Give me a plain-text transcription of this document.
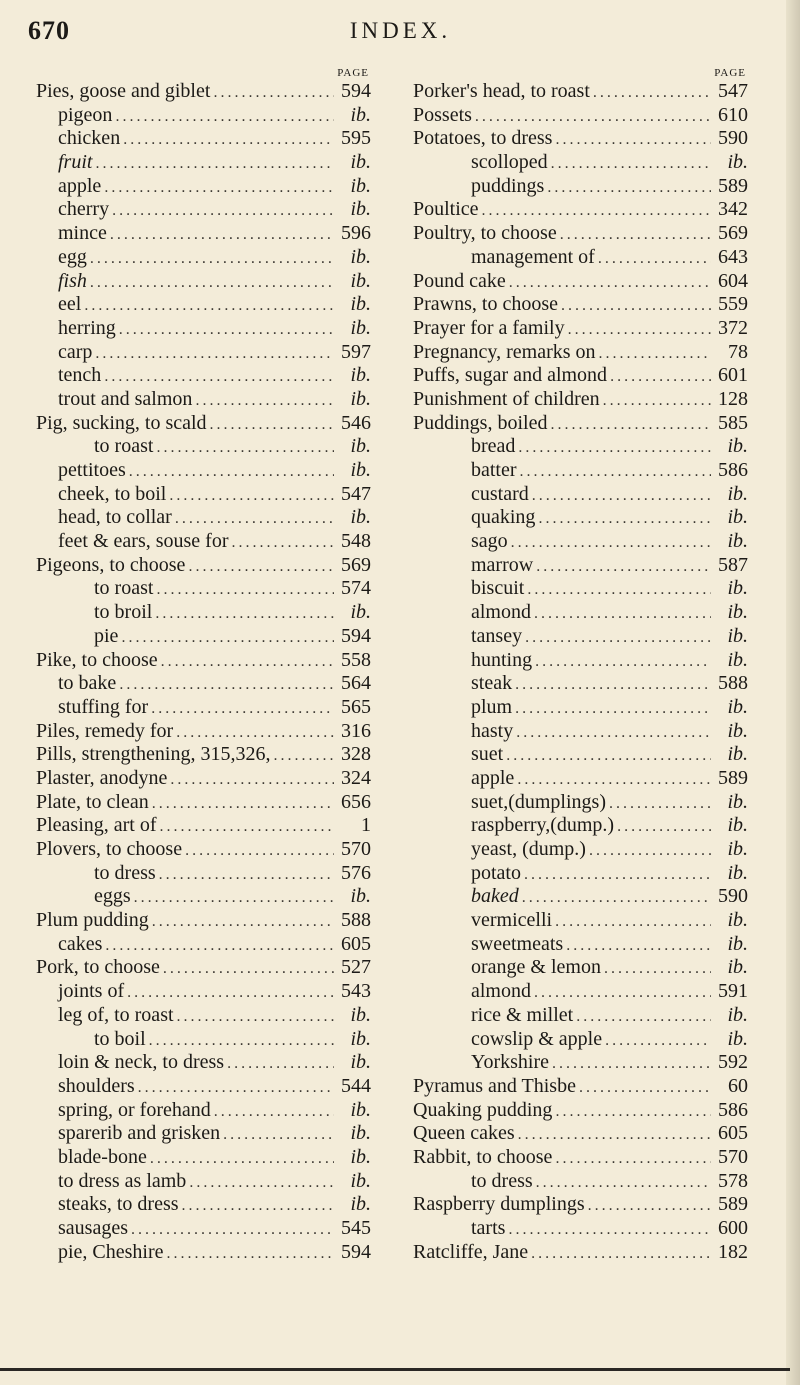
670	INDEX.
PAGE
Pies, goose and giblet . . .	594
pigeon . . .	ib.
chicken . . .	595
fruit . . .	ib.
apple . . .	ib.
cherry . . .	ib.
mince . . .	596
egg . . .	ib.
fish . . .	ib.
eel . . .	ib.
herring . . .	ib.
carp . . .	597
tench . . .	ib.
trout and salmon . . .	ib.
Pig, sucking, to scald . . .	546
to roast . . .	ib.
pettitoes . . .	ib.
cheek, to boil . . .	547
head, to collar . . .	ib.
feet & ears, souse for . . .	548
Pigeons, to choose . . .	569
to roast . . .	574
to broil . . .	ib.
pie . . .	594
Pike, to choose . . .	558
to bake . . .	564
stuffing for . . .	565
Piles, remedy for . . .	316
Pills, strengthening, 315,326, . . .	328
Plaster, anodyne . . .	324
Plate, to clean . . .	656
Pleasing, art of . . .	1
Plovers, to choose . . .	570
to dress . . .	576
eggs . . .	ib.
Plum pudding . . .	588
cakes . . .	605
Pork, to choose . . .	527
joints of . . .	543
leg of, to roast . . .	ib.
to boil . . .	ib.
loin & neck, to dress . . .	ib.
shoulders . . .	544
spring, or forehand . . .	ib.
sparerib and grisken . . .	ib.
blade-bone . . .	ib.
to dress as lamb . . .	ib.
steaks, to dress . . .	ib.
sausages . . .	545
pie, Cheshire . . .	594
PAGE
Porker's head, to roast . . .	547
Possets . . .	610
Potatoes, to dress . . .	590
scolloped . . .	ib.
puddings . . .	589
Poultice . . .	342
Poultry, to choose . . .	569
management of . . .	643
Pound cake . . .	604
Prawns, to choose . . .	559
Prayer for a family . . .	372
Pregnancy, remarks on . . .	78
Puffs, sugar and almond . . .	601
Punishment of children . . .	128
Puddings, boiled . . .	585
bread . . .	ib.
batter . . .	586
custard . . .	ib.
quaking . . .	ib.
sago . . .	ib.
marrow . . .	587
biscuit . . .	ib.
almond . . .	ib.
tansey . . .	ib.
hunting . . .	ib.
steak . . .	588
plum . . .	ib.
hasty . . .	ib.
suet . . .	ib.
apple . . .	589
suet,(dumplings) . . .	ib.
raspberry,(dump.) . . .	ib.
yeast, (dump.) . . .	ib.
potato . . .	ib.
baked . . .	590
vermicelli . . .	ib.
sweetmeats . . .	ib.
orange & lemon . . .	ib.
almond . . .	591
rice & millet . . .	ib.
cowslip & apple . . .	ib.
Yorkshire . . .	592
Pyramus and Thisbe . . .	60
Quaking pudding . . .	586
Queen cakes . . .	605
Rabbit, to choose . . .	570
to dress . . .	578
Raspberry dumplings . . .	589
tarts . . .	600
Ratcliffe, Jane . . .	182
